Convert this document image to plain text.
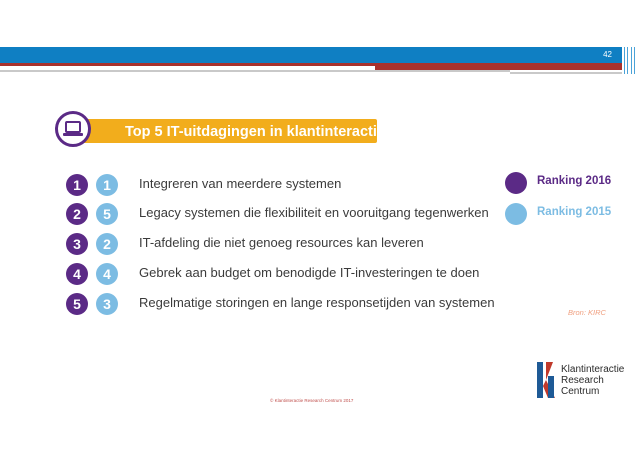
42
Top 5 IT-uitdagingen in klantinteractie
1	1	Integreren van meerdere systemen
2	5	Legacy systemen die flexibiliteit en vooruitgang tegenwerken
3	2	IT-afdeling die niet genoeg resources kan leveren
4	4	Gebrek aan budget om benodigde IT-investeringen te doen
5	3	Regelmatige storingen en lange responsetijden van systemen
Ranking 2016
Ranking 2015
Bron: KIRC
Klantinteractie
Research
Centrum
© Klantinteractie Research Centrum 2017
